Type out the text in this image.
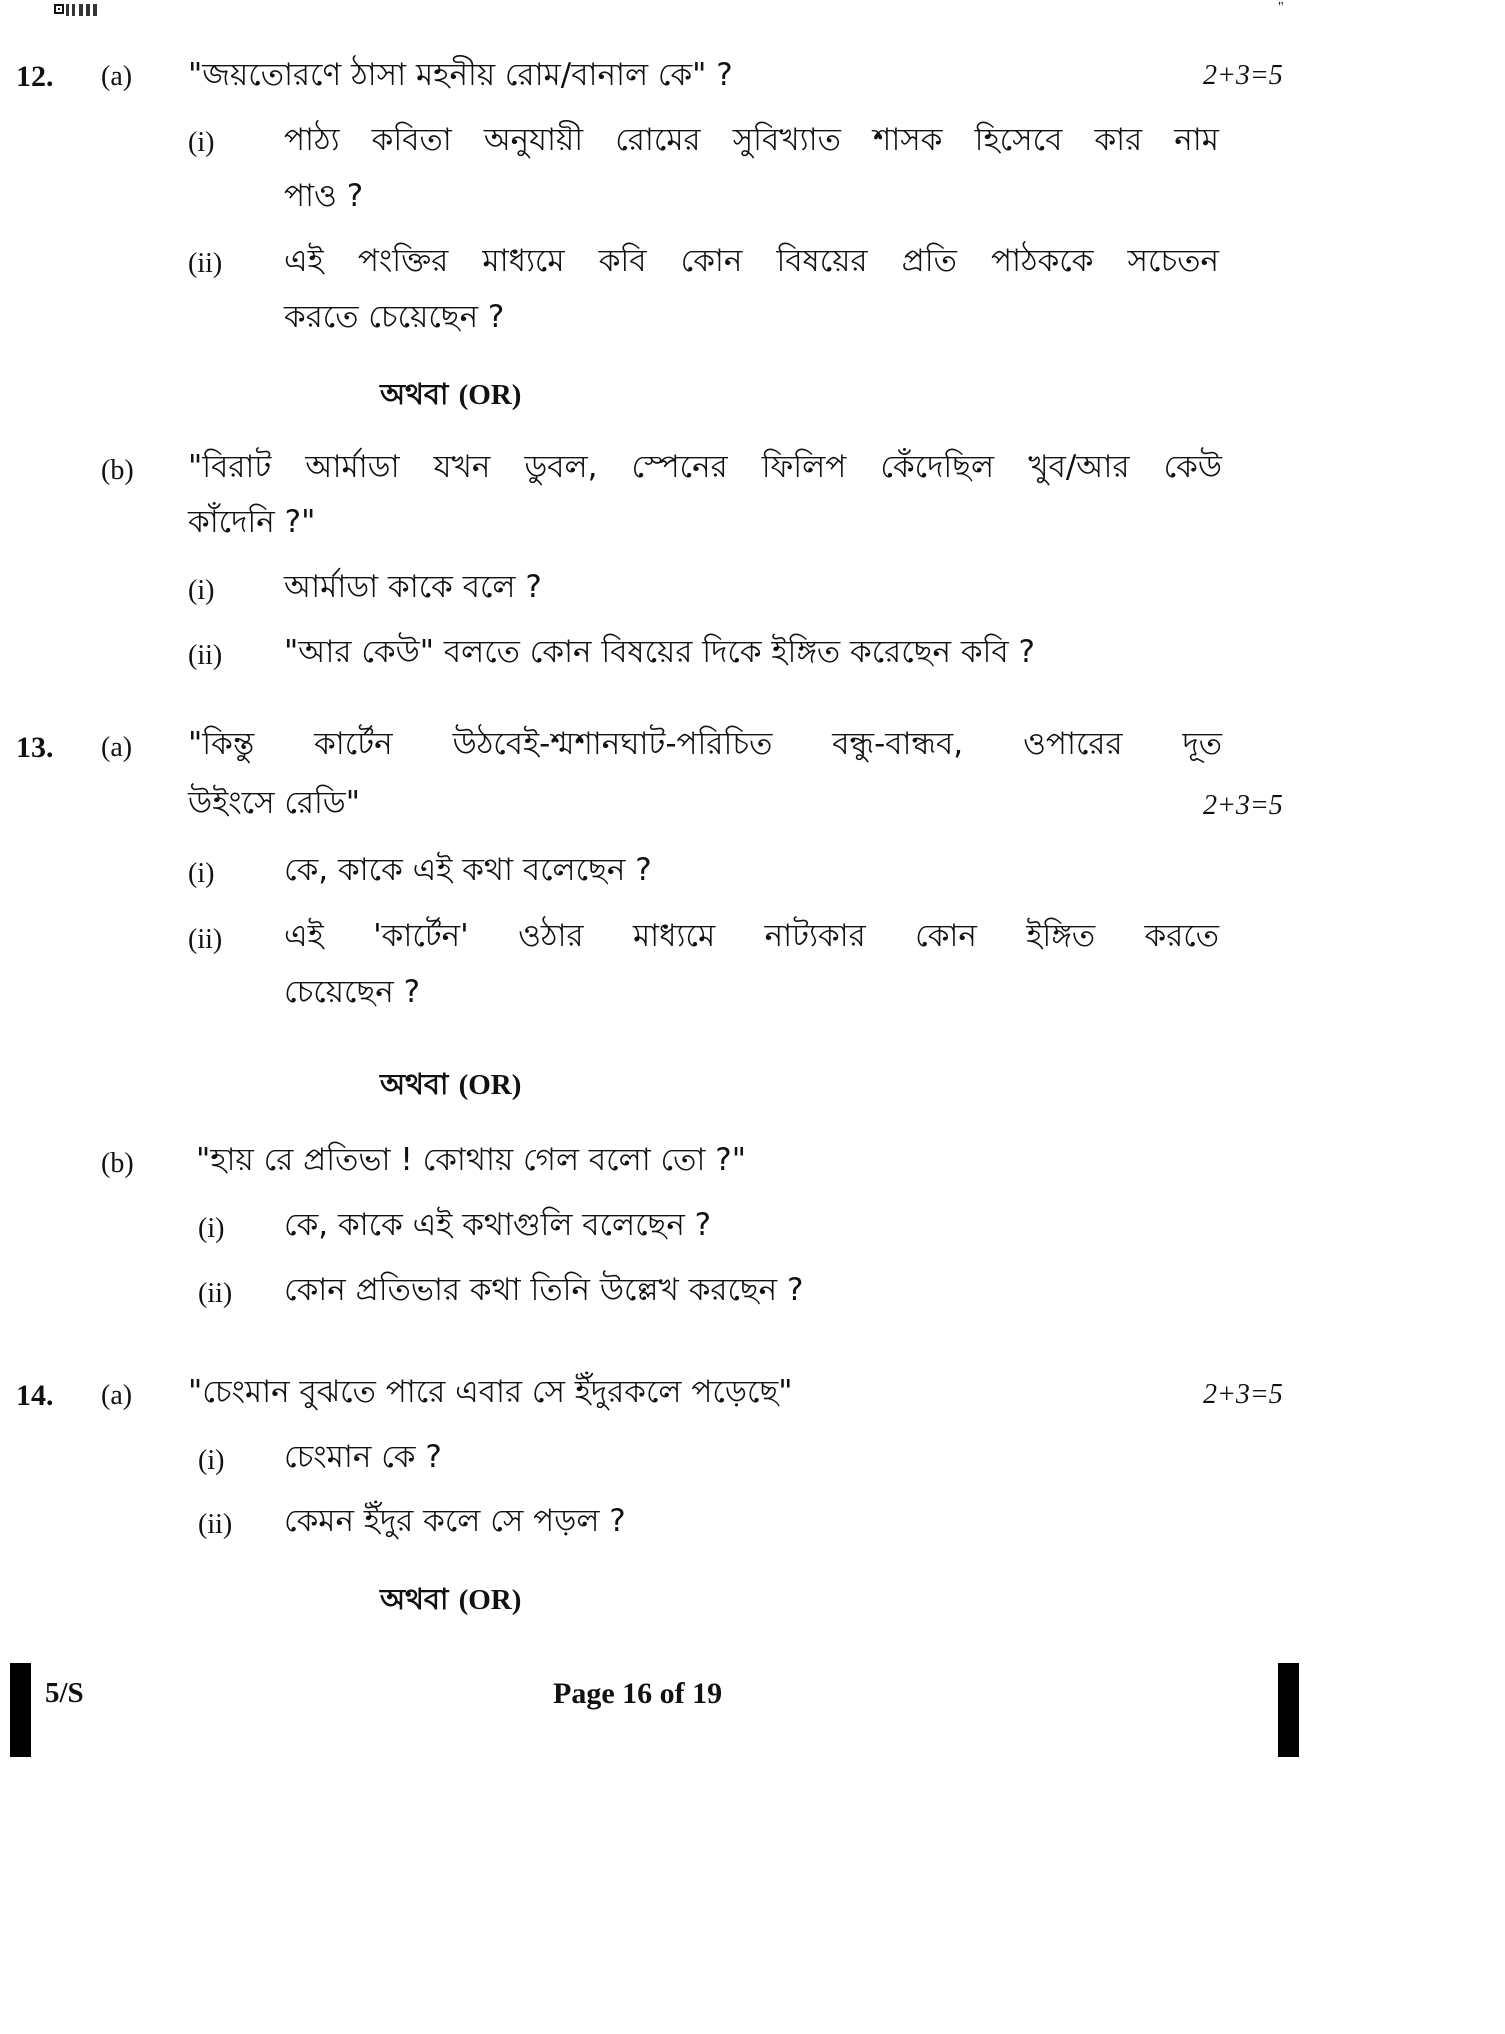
"
12. (a) "জয়তোরণে ঠাসা মহনীয় রোম/বানাল কে" ?	2+3=5
(i) পাঠ্য কবিতা অনুযায়ী রোমের সুবিখ্যাত শাসক হিসেবে কার নাম
পাও ?
(ii) এই পংক্তির মাধ্যমে কবি কোন বিষয়ের প্রতি পাঠককে সচেতন
করতে চেয়েছেন ?
অথবা (OR)
(b) "বিরাট আর্মাডা যখন ডুবল, স্পেনের ফিলিপ কেঁদেছিল খুব/আর কেউ
কাঁদেনি ?"
(i) আর্মাডা কাকে বলে ?
(ii) "আর কেউ" বলতে কোন বিষয়ের দিকে ইঙ্গিত করেছেন কবি ?
13. (a) "কিন্তু কার্টেন উঠবেই-শ্মশানঘাট-পরিচিত বন্ধু-বান্ধব, ওপারের দূত
উইংসে রেডি"	2+3=5
(i) কে, কাকে এই কথা বলেছেন ?
(ii) এই 'কার্টেন' ওঠার মাধ্যমে নাট্যকার কোন ইঙ্গিত করতে
চেয়েছেন ?
অথবা (OR)
(b) "হায় রে প্রতিভা ! কোথায় গেল বলো তো ?"
(i) কে, কাকে এই কথাগুলি বলেছেন ?
(ii) কোন প্রতিভার কথা তিনি উল্লেখ করছেন ?
14. (a) "চেংমান বুঝতে পারে এবার সে ইঁদুরকলে পড়েছে"	2+3=5
(i) চেংমান কে ?
(ii) কেমন ইঁদুর কলে সে পড়ল ?
অথবা (OR)
5/S	Page 16 of 19
